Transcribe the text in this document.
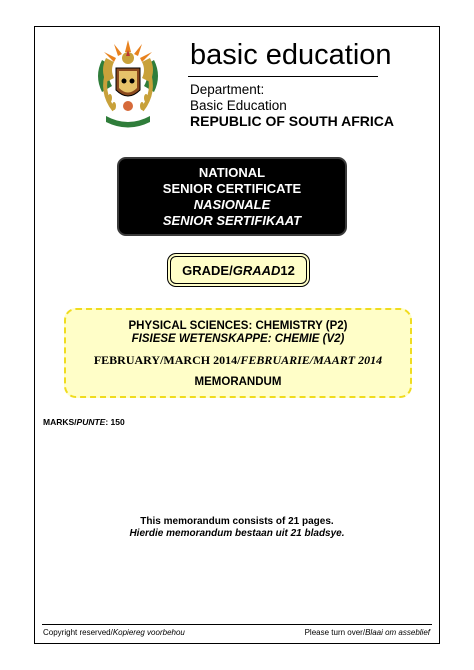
basic education
Department:
Basic Education
REPUBLIC OF SOUTH AFRICA
NATIONAL
SENIOR CERTIFICATE
NASIONALE
SENIOR SERTIFIKAAT
GRADE/ GRAAD 12
PHYSICAL SCIENCES: CHEMISTRY (P2)
FISIESE WETENSKAPPE: CHEMIE (V2)
FEBRUARY/MARCH 2014/FEBRUARIE/MAART 2014
MEMORANDUM
MARKS/PUNTE: 150
This memorandum consists of 21 pages.
Hierdie memorandum bestaan uit 21 bladsye.
Copyright reserved/Kopiereg voorbehou	Please turn over/Blaai om asseblief
